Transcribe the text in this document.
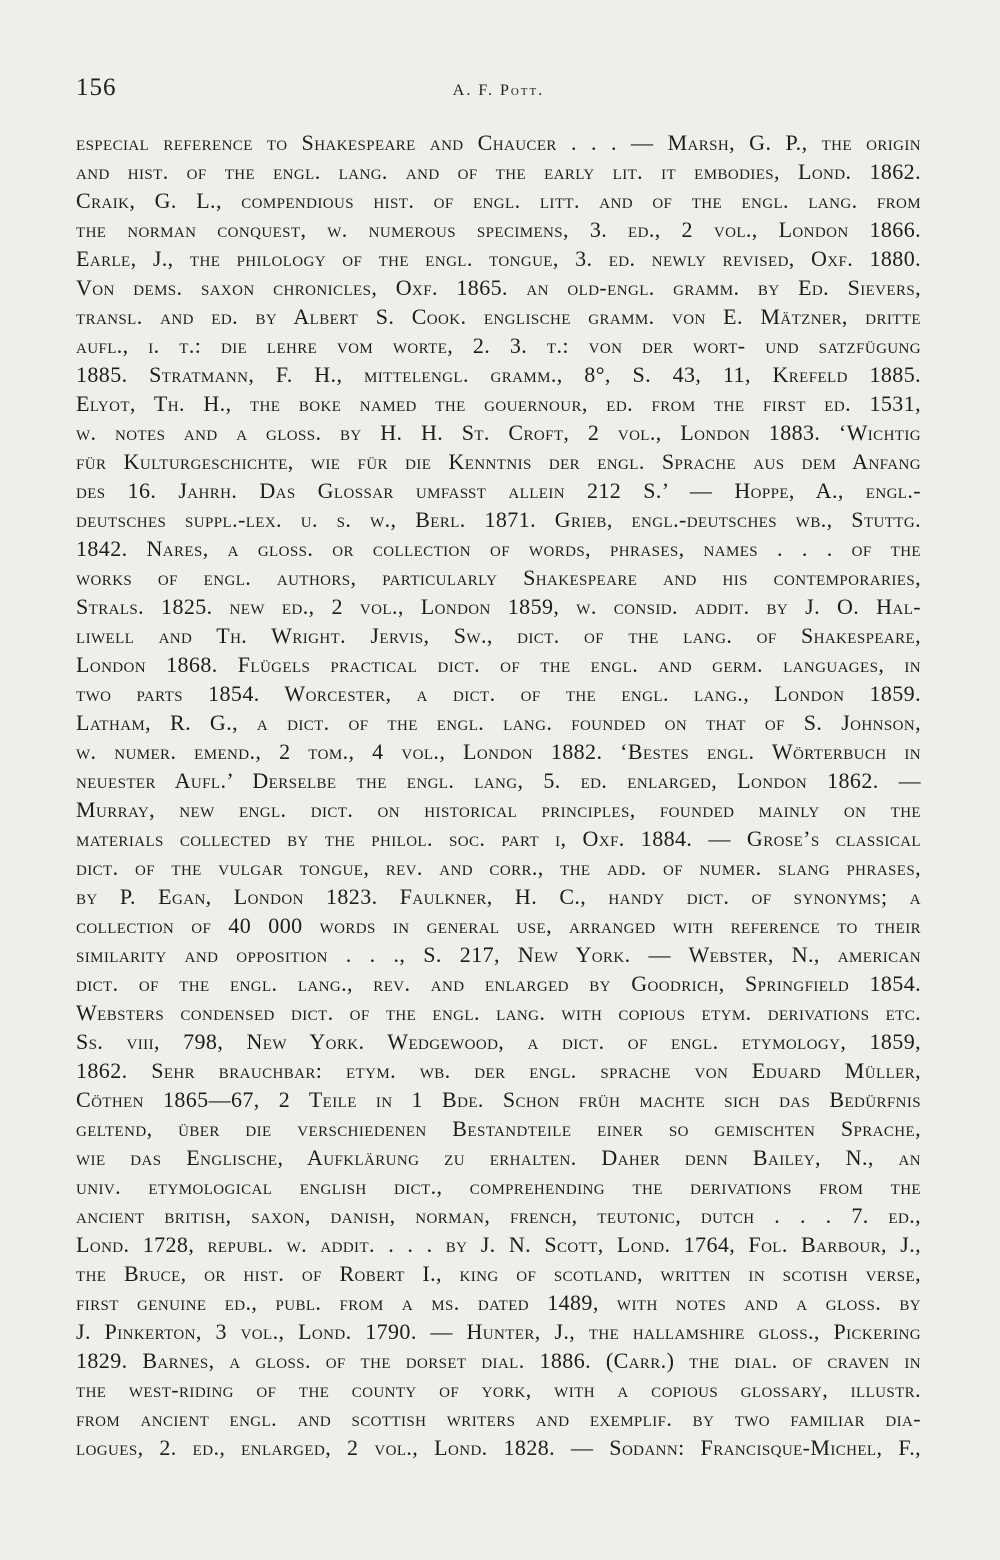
156	A. F. Pott.
especial reference to Shakespeare and Chaucer . . . — Marsh, G. P., the origin
and hist. of the engl. lang. and of the early lit. it embodies, Lond. 1862.
Craik, G. L., compendious hist. of engl. litt. and of the engl. lang. from
the norman conquest, w. numerous specimens, 3. ed., 2 vol., London 1866.
Earle, J., the philology of the engl. tongue, 3. ed. newly revised, Oxf. 1880.
Von dems. saxon chronicles, Oxf. 1865. an old-engl. gramm. by Ed. Sievers,
transl. and ed. by Albert S. Cook. englische gramm. von E. Mätzner, dritte
aufl., i. t.: die lehre vom worte, 2. 3. t.: von der wort- und satzfügung
1885. Stratmann, F. H., mittelengl. gramm., 8°, S. 43, 11, Krefeld 1885.
Elyot, Th. H., the boke named the gouernour, ed. from the first ed. 1531,
w. notes and a gloss. by H. H. St. Croft, 2 vol., London 1883. ‘Wichtig
für Kulturgeschichte, wie für die Kenntnis der engl. Sprache aus dem Anfang
des 16. Jahrh. Das Glossar umfaßt allein 212 S.’ — Hoppe, A., engl.-
deutsches suppl.-lex. u. s. w., Berl. 1871. Grieb, engl.-deutsches wb., Stuttg.
1842. Nares, a gloss. or collection of words, phrases, names . . . of the
works of engl. authors, particularly Shakespeare and his contemporaries,
Strals. 1825. new ed., 2 vol., London 1859, w. consid. addit. by J. O. Hal-
liwell and Th. Wright. Jervis, Sw., dict. of the lang. of Shakespeare,
London 1868. Flügels practical dict. of the engl. and germ. languages, in
two parts 1854. Worcester, a dict. of the engl. lang., London 1859.
Latham, R. G., a dict. of the engl. lang. founded on that of S. Johnson,
w. numer. emend., 2 tom., 4 vol., London 1882. ‘Bestes engl. Wörterbuch in
neuester Aufl.’ Derselbe the engl. lang, 5. ed. enlarged, London 1862. —
Murray, new engl. dict. on historical principles, founded mainly on the
materials collected by the philol. soc. part i, Oxf. 1884. — Grose’s classical
dict. of the vulgar tongue, rev. and corr., the add. of numer. slang phrases,
by P. Egan, London 1823. Faulkner, H. C., handy dict. of synonyms; a
collection of 40 000 words in general use, arranged with reference to their
similarity and opposition . . ., S. 217, New York. — Webster, N., american
dict. of the engl. lang., rev. and enlarged by Goodrich, Springfield 1854.
Websters condensed dict. of the engl. lang. with copious etym. derivations etc.
Ss. viii, 798, New York. Wedgewood, a dict. of engl. etymology, 1859,
1862. Sehr brauchbar: etym. wb. der engl. sprache von Eduard Müller,
Cöthen 1865—67, 2 Teile in 1 Bde. Schon früh machte sich das Bedürfnis
geltend, über die verschiedenen Bestandteile einer so gemischten Sprache,
wie das Englische, Aufklärung zu erhalten. Daher denn Bailey, N., an
univ. etymological english dict., comprehending the derivations from the
ancient british, saxon, danish, norman, french, teutonic, dutch . . . 7. ed.,
Lond. 1728, republ. w. addit. . . . by J. N. Scott, Lond. 1764, Fol. Barbour, J.,
the Bruce, or hist. of Robert I., king of scotland, written in scotish verse,
first genuine ed., publ. from a ms. dated 1489, with notes and a gloss. by
J. Pinkerton, 3 vol., Lond. 1790. — Hunter, J., the hallamshire gloss., Pickering
1829. Barnes, a gloss. of the dorset dial. 1886. (Carr.) the dial. of craven in
the west-riding of the county of york, with a copious glossary, illustr.
from ancient engl. and scottish writers and exemplif. by two familiar dia-
logues, 2. ed., enlarged, 2 vol., Lond. 1828. — Sodann: Francisque-Michel, F.,
